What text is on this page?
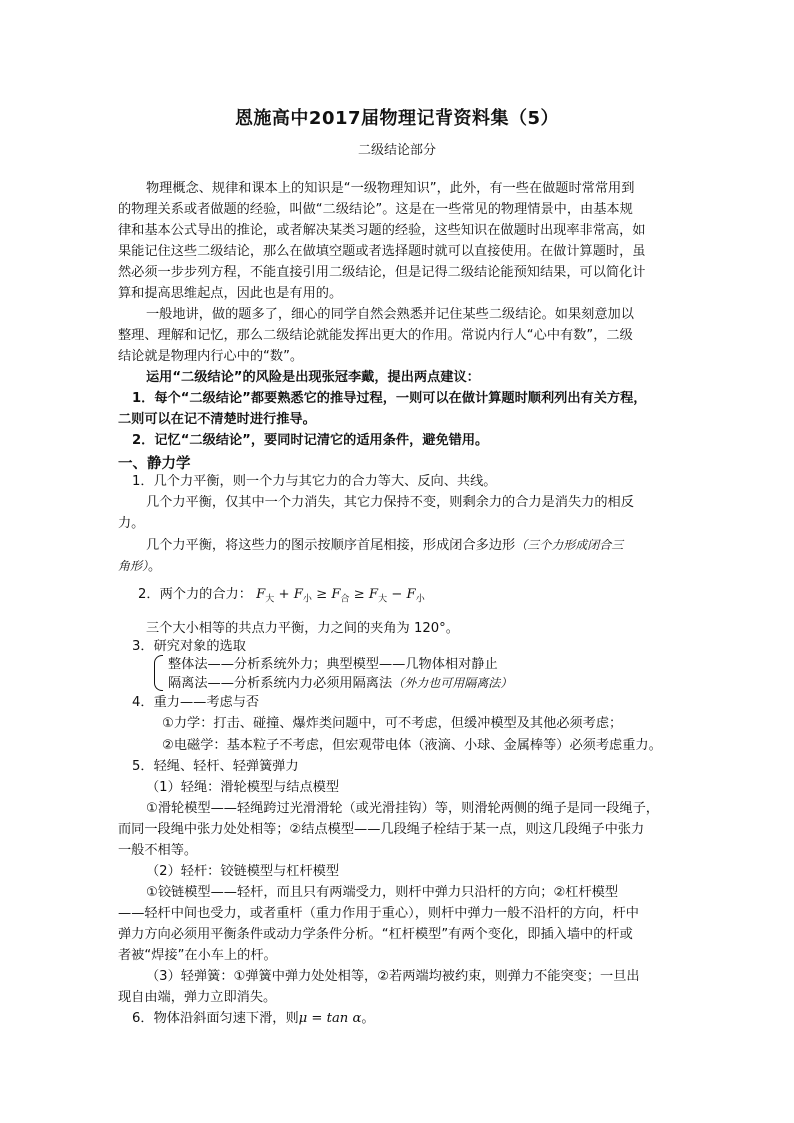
恩施高中2017届物理记背资料集（5）
二级结论部分
物理概念、规律和课本上的知识是“一级物理知识”，此外，有一些在做题时常常用到
的物理关系或者做题的经验，叫做“二级结论”。这是在一些常见的物理情景中，由基本规
律和基本公式导出的推论，或者解决某类习题的经验，这些知识在做题时出现率非常高，如
果能记住这些二级结论，那么在做填空题或者选择题时就可以直接使用。在做计算题时，虽
然必须一步步列方程，不能直接引用二级结论，但是记得二级结论能预知结果，可以简化计
算和提高思维起点，因此也是有用的。
一般地讲，做的题多了，细心的同学自然会熟悉并记住某些二级结论。如果刻意加以
整理、理解和记忆，那么二级结论就能发挥出更大的作用。常说内行人“心中有数”，二级
结论就是物理内行心中的“数”。
运用“二级结论”的风险是出现张冠李戴，提出两点建议：
1．每个“二级结论”都要熟悉它的推导过程，一则可以在做计算题时顺利列出有关方程，
二则可以在记不清楚时进行推导。
2．记忆“二级结论”，要同时记清它的适用条件，避免错用。
一、静力学
1．几个力平衡，则一个力与其它力的合力等大、反向、共线。
几个力平衡，仅其中一个力消失，其它力保持不变，则剩余力的合力是消失力的相反
力。
几个力平衡，将这些力的图示按顺序首尾相接，形成闭合多边形（三个力形成闭合三
角形）。
2．两个力的合力： $F_大 + F_小 \ge F_合 \ge F_大 - F_小$
三个大小相等的共点力平衡，力之间的夹角为 120°。
3．研究对象的选取
整体法——分析系统外力；典型模型——几物体相对静止
隔离法——分析系统内力必须用隔离法（外力也可用隔离法）
4．重力——考虑与否
①力学：打击、碰撞、爆炸类问题中，可不考虑，但缓冲模型及其他必须考虑；
②电磁学：基本粒子不考虑，但宏观带电体（液滴、小球、金属棒等）必须考虑重力。
5．轻绳、轻杆、轻弹簧弹力
（1）轻绳：滑轮模型与结点模型
①滑轮模型——轻绳跨过光滑滑轮（或光滑挂钩）等，则滑轮两侧的绳子是同一段绳子，
而同一段绳中张力处处相等；②结点模型——几段绳子栓结于某一点，则这几段绳子中张力
一般不相等。
（2）轻杆：铰链模型与杠杆模型
①铰链模型——轻杆，而且只有两端受力，则杆中弹力只沿杆的方向；②杠杆模型
——轻杆中间也受力，或者重杆（重力作用于重心），则杆中弹力一般不沿杆的方向，杆中
弹力方向必须用平衡条件或动力学条件分析。“杠杆模型”有两个变化，即插入墙中的杆或
者被“焊接”在小车上的杆。
（3）轻弹簧：①弹簧中弹力处处相等，②若两端均被约束，则弹力不能突变；一旦出
现自由端，弹力立即消失。
6．物体沿斜面匀速下滑，则μ = tan α。
